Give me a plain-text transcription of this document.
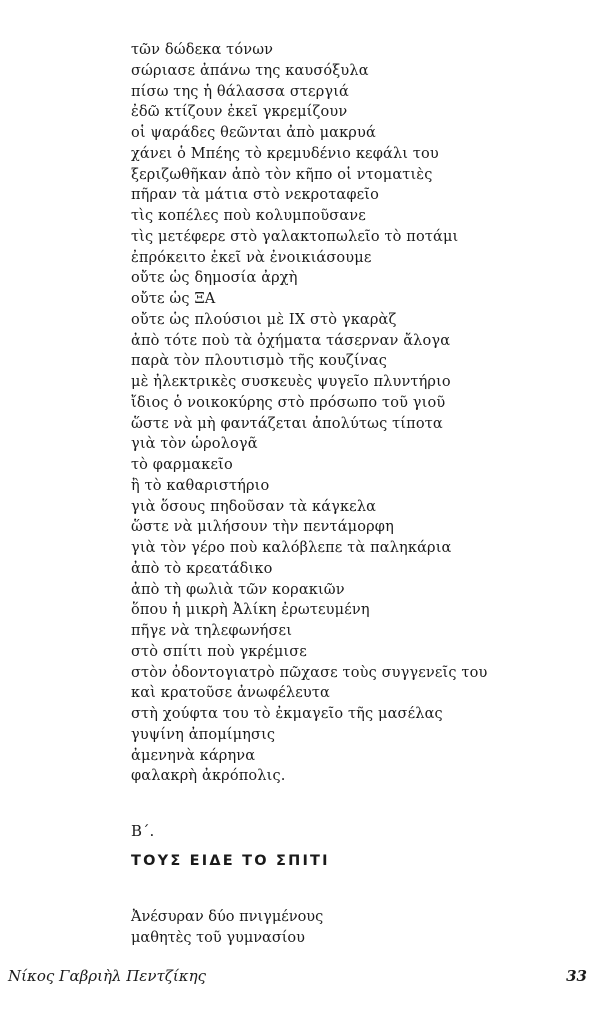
τῶν δώδεκα τόνων
σώριασε ἀπάνω της καυσόξυλα
πίσω της ἡ θάλασσα στεργιά
ἐδῶ κτίζουν ἐκεῖ γκρεμίζουν
οἱ ψαράδες θεῶνται ἀπὸ μακρυά
χάνει ὁ Μπέης τὸ κρεμυδένιο κεφάλι του
ξεριζωθῆκαν ἀπὸ τὸν κῆπο οἱ ντοματιὲς
πῆραν τὰ μάτια στὸ νεκροταφεῖο
τὶς κοπέλες ποὺ κολυμποῦσανε
τὶς μετέφερε στὸ γαλακτοπωλεῖο τὸ ποτάμι
ἐπρόκειτο ἐκεῖ νὰ ἐνοικιάσουμε
οὔτε ὡς δημοσία ἀρχὴ
οὔτε ὡς ΞΑ
οὔτε ὡς πλούσιοι μὲ ΙΧ στὸ γκαρὰζ
ἀπὸ τότε ποὺ τὰ ὀχήματα τάσερναν ἄλογα
παρὰ τὸν πλουτισμὸ τῆς κουζίνας
μὲ ἠλεκτρικὲς συσκευὲς ψυγεῖο πλυντήριο
ἴδιος ὁ νοικοκύρης στὸ πρόσωπο τοῦ γιοῦ
ὥστε νὰ μὴ φαντάζεται ἀπολύτως τίποτα
γιὰ τὸν ὡρολογᾶ
τὸ φαρμακεῖο
ἢ τὸ καθαριστήριο
γιὰ ὅσους πηδοῦσαν τὰ κάγκελα
ὥστε νὰ μιλήσουν τὴν πεντάμορφη
γιὰ τὸν γέρο ποὺ καλόβλεπε τὰ παληκάρια
ἀπὸ τὸ κρεατάδικο
ἀπὸ τὴ φωλιὰ τῶν κορακιῶν
ὅπου ἡ μικρὴ Ἀλίκη ἐρωτευμένη
πῆγε νὰ τηλεφωνήσει
στὸ σπίτι ποὺ γκρέμισε
στὸν ὀδοντογιατρὸ πῶχασε τοὺς συγγενεῖς του
καὶ κρατοῦσε ἀνωφέλευτα
στὴ χούφτα του τὸ ἐκμαγεῖο τῆς μασέλας
γυψίνη ἀπομίμησις
ἀμενηνὰ κάρηνα
φαλακρὴ ἀκρόπολις.
Β΄.
ΤΟΥΣ ΕΙΔΕ ΤΟ ΣΠΙΤΙ
Ἀνέσυραν δύο πνιγμένους
μαθητὲς τοῦ γυμνασίου
Νίκος Γαβριὴλ Πεντζίκης	33
